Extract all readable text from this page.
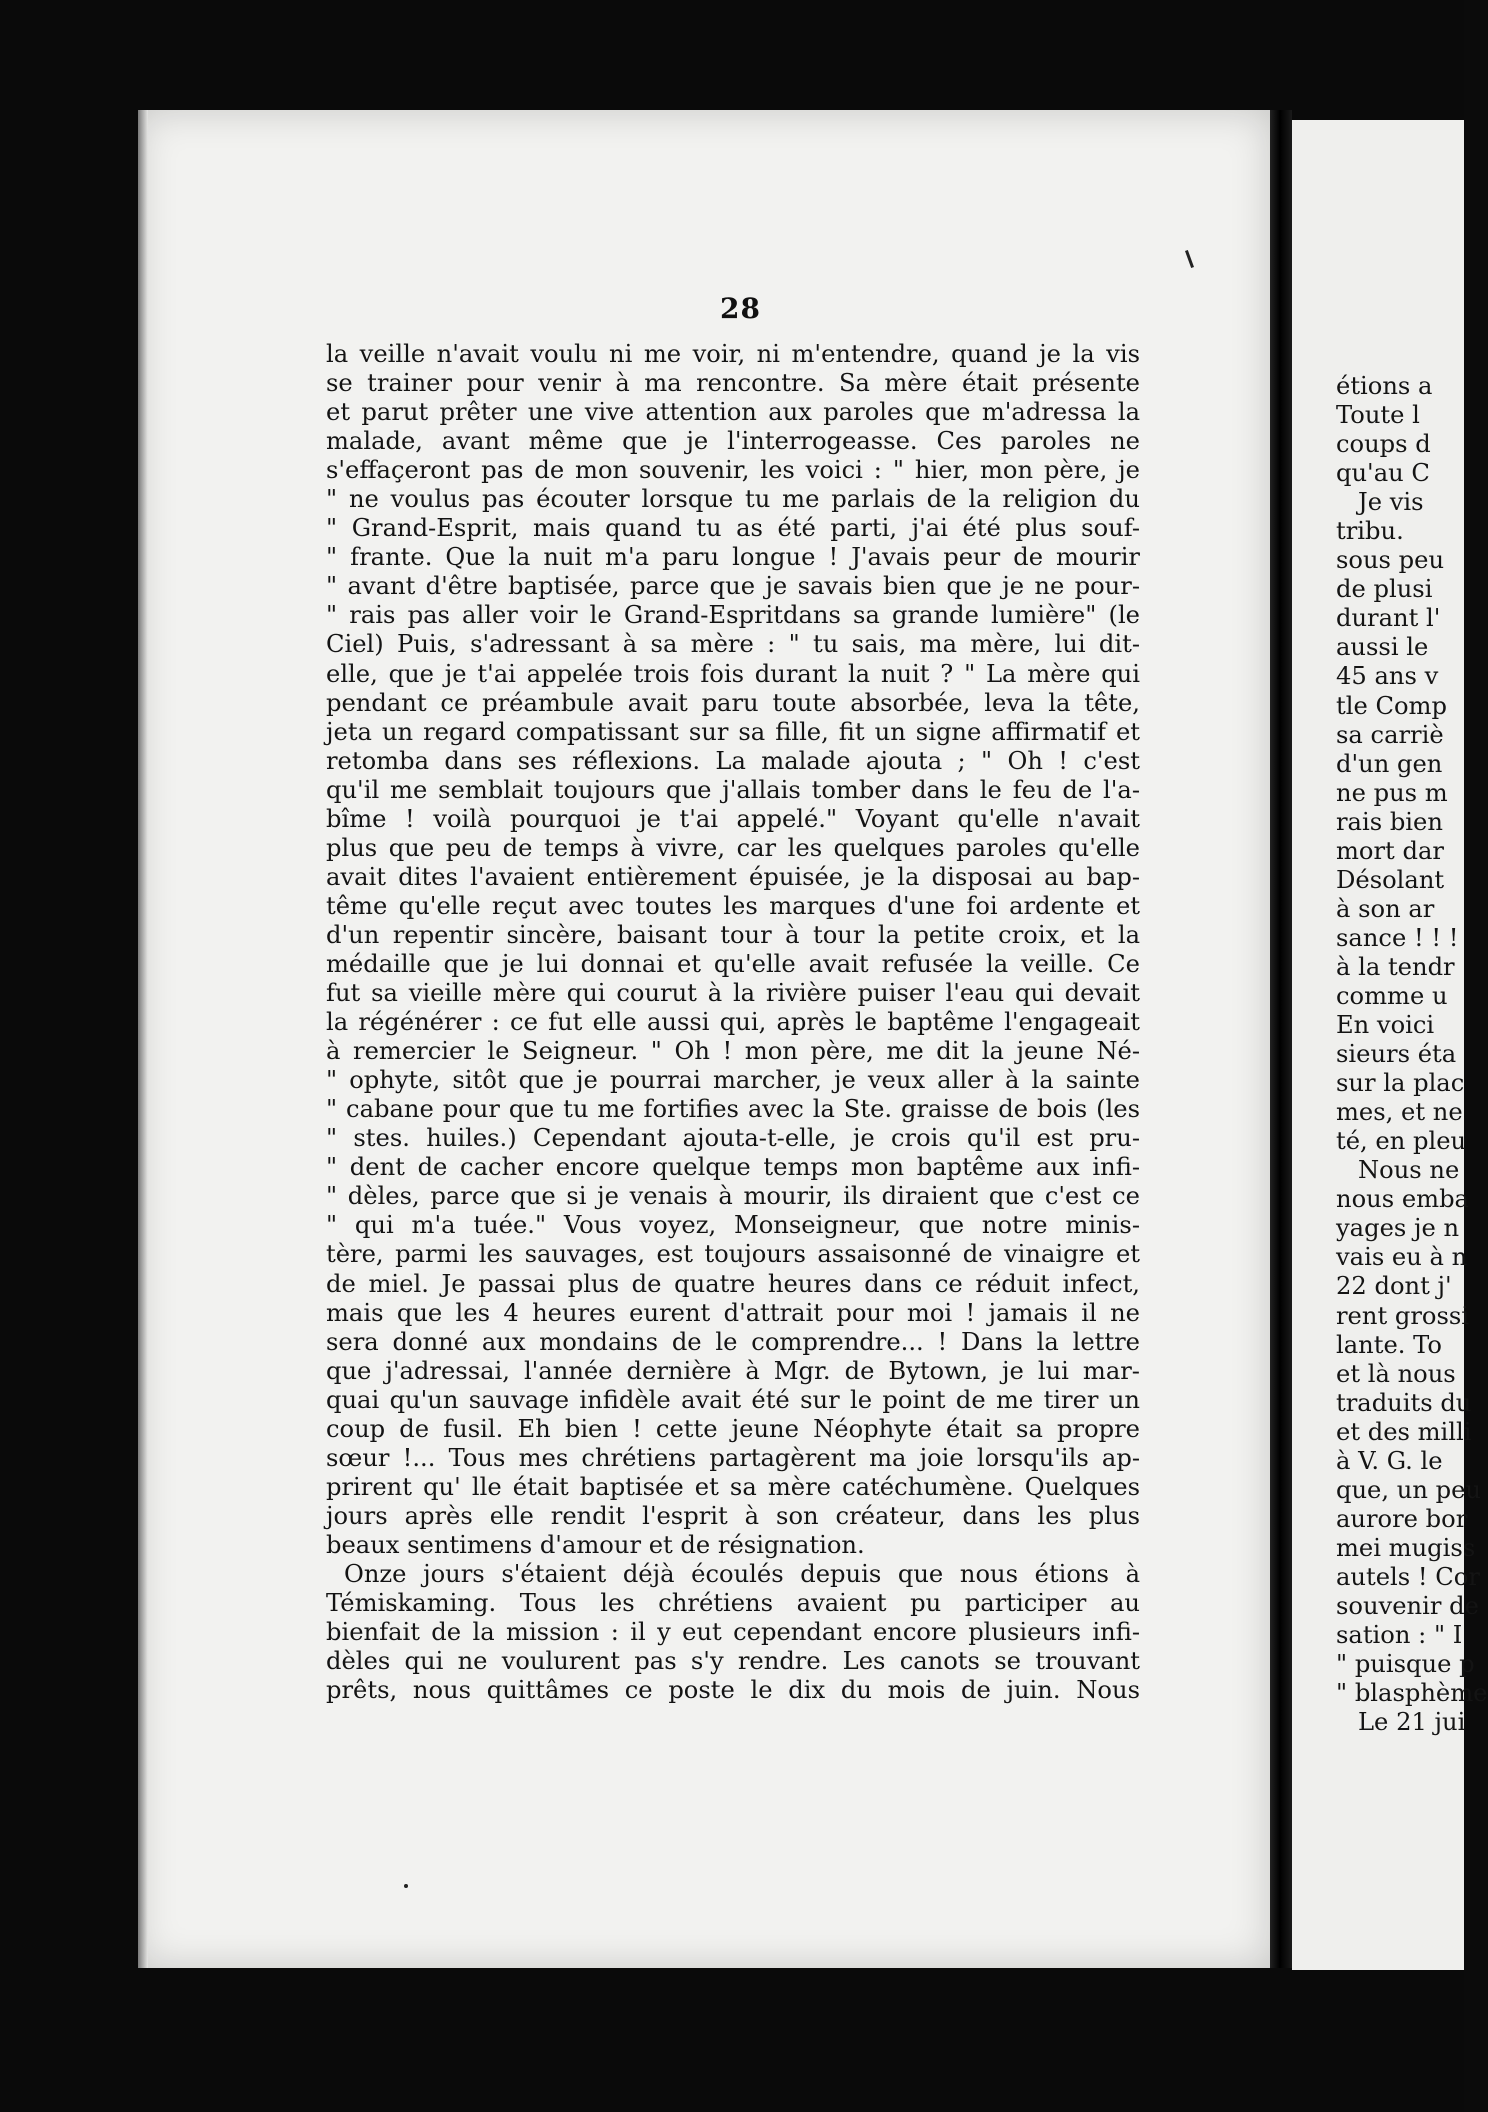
28
la veille n'avait voulu ni me voir, ni m'entendre, quand je la vis
se trainer pour venir à ma rencontre. Sa mère était présente
et parut prêter une vive attention aux paroles que m'adressa la
malade, avant même que je l'interrogeasse. Ces paroles ne
s'effaçeront pas de mon souvenir, les voici : " hier, mon père, je
" ne voulus pas écouter lorsque tu me parlais de la religion du
" Grand-Esprit, mais quand tu as été parti, j'ai été plus souf-
" frante. Que la nuit m'a paru longue ! J'avais peur de mourir
" avant d'être baptisée, parce que je savais bien que je ne pour-
" rais pas aller voir le Grand-Espritdans sa grande lumière" (le
Ciel) Puis, s'adressant à sa mère : " tu sais, ma mère, lui dit-
elle, que je t'ai appelée trois fois durant la nuit ? " La mère qui
pendant ce préambule avait paru toute absorbée, leva la tête,
jeta un regard compatissant sur sa fille, fit un signe affirmatif et
retomba dans ses réflexions. La malade ajouta ; " Oh ! c'est
qu'il me semblait toujours que j'allais tomber dans le feu de l'a-
bîme ! voilà pourquoi je t'ai appelé." Voyant qu'elle n'avait
plus que peu de temps à vivre, car les quelques paroles qu'elle
avait dites l'avaient entièrement épuisée, je la disposai au bap-
tême qu'elle reçut avec toutes les marques d'une foi ardente et
d'un repentir sincère, baisant tour à tour la petite croix, et la
médaille que je lui donnai et qu'elle avait refusée la veille. Ce
fut sa vieille mère qui courut à la rivière puiser l'eau qui devait
la régénérer : ce fut elle aussi qui, après le baptême l'engageait
à remercier le Seigneur. " Oh ! mon père, me dit la jeune Né-
" ophyte, sitôt que je pourrai marcher, je veux aller à la sainte
" cabane pour que tu me fortifies avec la Ste. graisse de bois (les
" stes. huiles.) Cependant ajouta-t-elle, je crois qu'il est pru-
" dent de cacher encore quelque temps mon baptême aux infi-
" dèles, parce que si je venais à mourir, ils diraient que c'est ce
" qui m'a tuée." Vous voyez, Monseigneur, que notre minis-
tère, parmi les sauvages, est toujours assaisonné de vinaigre et
de miel. Je passai plus de quatre heures dans ce réduit infect,
mais que les 4 heures eurent d'attrait pour moi ! jamais il ne
sera donné aux mondains de le comprendre... ! Dans la lettre
que j'adressai, l'année dernière à Mgr. de Bytown, je lui mar-
quai qu'un sauvage infidèle avait été sur le point de me tirer un
coup de fusil. Eh bien ! cette jeune Néophyte était sa propre
sœur !... Tous mes chrétiens partagèrent ma joie lorsqu'ils ap-
prirent qu' lle était baptisée et sa mère catéchumène. Quelques
jours après elle rendit l'esprit à son créateur, dans les plus
beaux sentimens d'amour et de résignation.
Onze jours s'étaient déjà écoulés depuis que nous étions à
Témiskaming. Tous les chrétiens avaient pu participer au
bienfait de la mission : il y eut cependant encore plusieurs infi-
dèles qui ne voulurent pas s'y rendre. Les canots se trouvant
prêts, nous quittâmes ce poste le dix du mois de juin. Nous
étions a
Toute l
coups d
qu'au C
Je vis
tribu.
sous peu
de plusi
durant l'
aussi le
45 ans v
tle Comp
sa carriè
d'un gen
ne pus m
rais bien
mort dar
Désolant
à son ar
sance ! ! !
à la tendr
comme u
En voici
sieurs éta
sur la plac
mes, et ne
té, en pleu
Nous ne
nous emba
yages je n
vais eu à n
22 dont j'
rent grossi
lante. To
et là nous
traduits du
et des milli
à V. G. le
que, un peu
aurore bor
mei mugiss
autels ! Cor
souvenir de
sation : " I
" puisque p
" blasphème
Le 21 jui
